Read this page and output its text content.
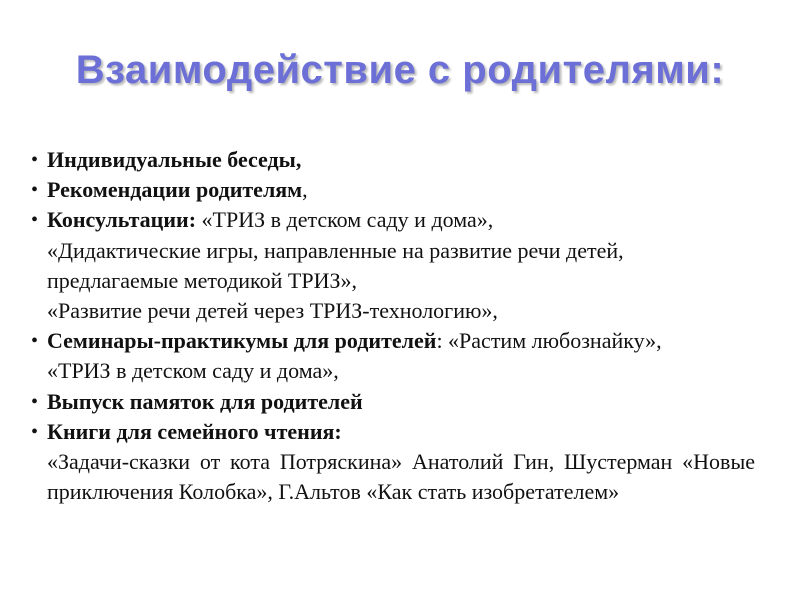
Взаимодействие с родителями:
• Индивидуальные беседы,
• Рекомендации родителям,
• Консультации: «ТРИЗ в детском саду и дома»,
«Дидактические игры, направленные на развитие речи детей, предлагаемые методикой ТРИЗ»,
«Развитие речи детей через ТРИЗ-технологию»,
• Семинары-практикумы для родителей: «Растим любознайку»,
«ТРИЗ в детском саду и дома»,
• Выпуск памяток для родителей
• Книги для семейного чтения:
«Задачи-сказки от кота Потряскина» Анатолий Гин, Шустерман «Новые приключения Колобка», Г.Альтов «Как стать изобретателем»
